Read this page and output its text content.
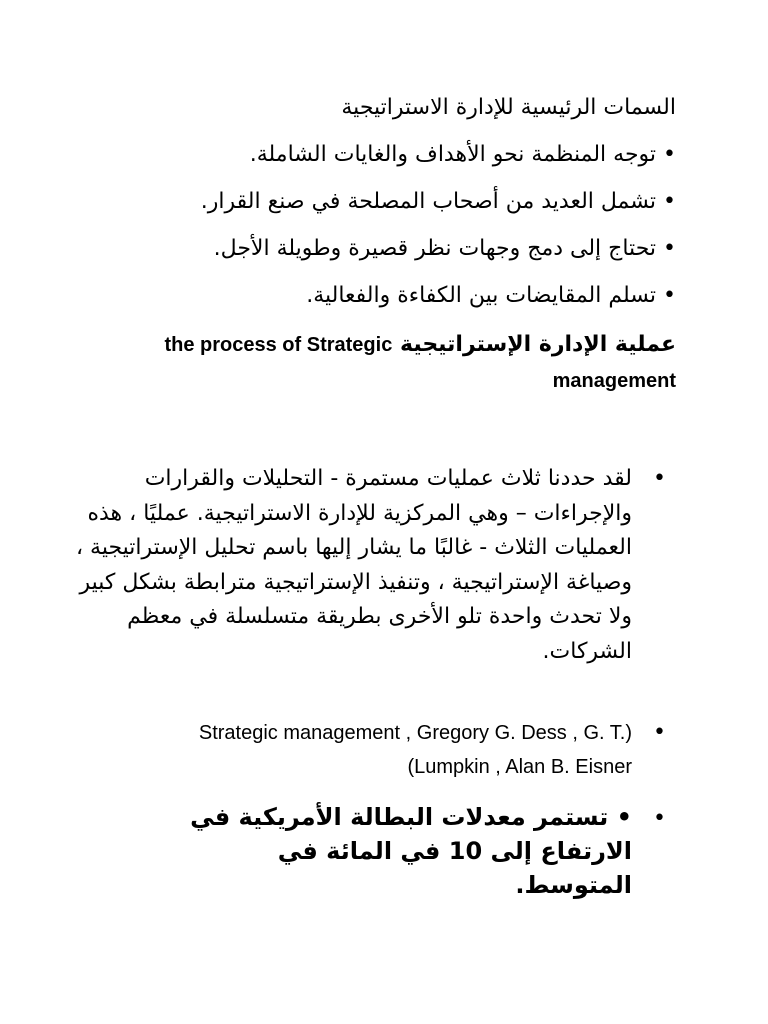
السمات الرئيسية للإدارة الاستراتيجية
• توجه المنظمة نحو الأهداف والغايات الشاملة.
• تشمل العديد من أصحاب المصلحة في صنع القرار.
• تحتاج إلى دمج وجهات نظر قصيرة وطويلة الأجل.
• تسلم المقايضات بين الكفاءة والفعالية.
the process of Strategic عملية الإدارة الإستراتيجية
management
•
لقد حددنا ثلاث عمليات مستمرة - التحليلات والقرارات والإجراءات – وهي المركزية للإدارة الاستراتيجية. عمليًا ، هذه العمليات الثلاث - غالبًا ما يشار إليها باسم تحليل الإستراتيجية ، وصياغة الإستراتيجية ، وتنفيذ الإستراتيجية مترابطة بشكل كبير ولا تحدث واحدة تلو الأخرى بطريقة متسلسلة في معظم الشركات.
•
Strategic management , Gregory G. Dess , G. T.)
(Lumpkin , Alan B. Eisner
•
• تستمر معدلات البطالة الأمريكية في الارتفاع إلى 10 في المائة في المتوسط.
